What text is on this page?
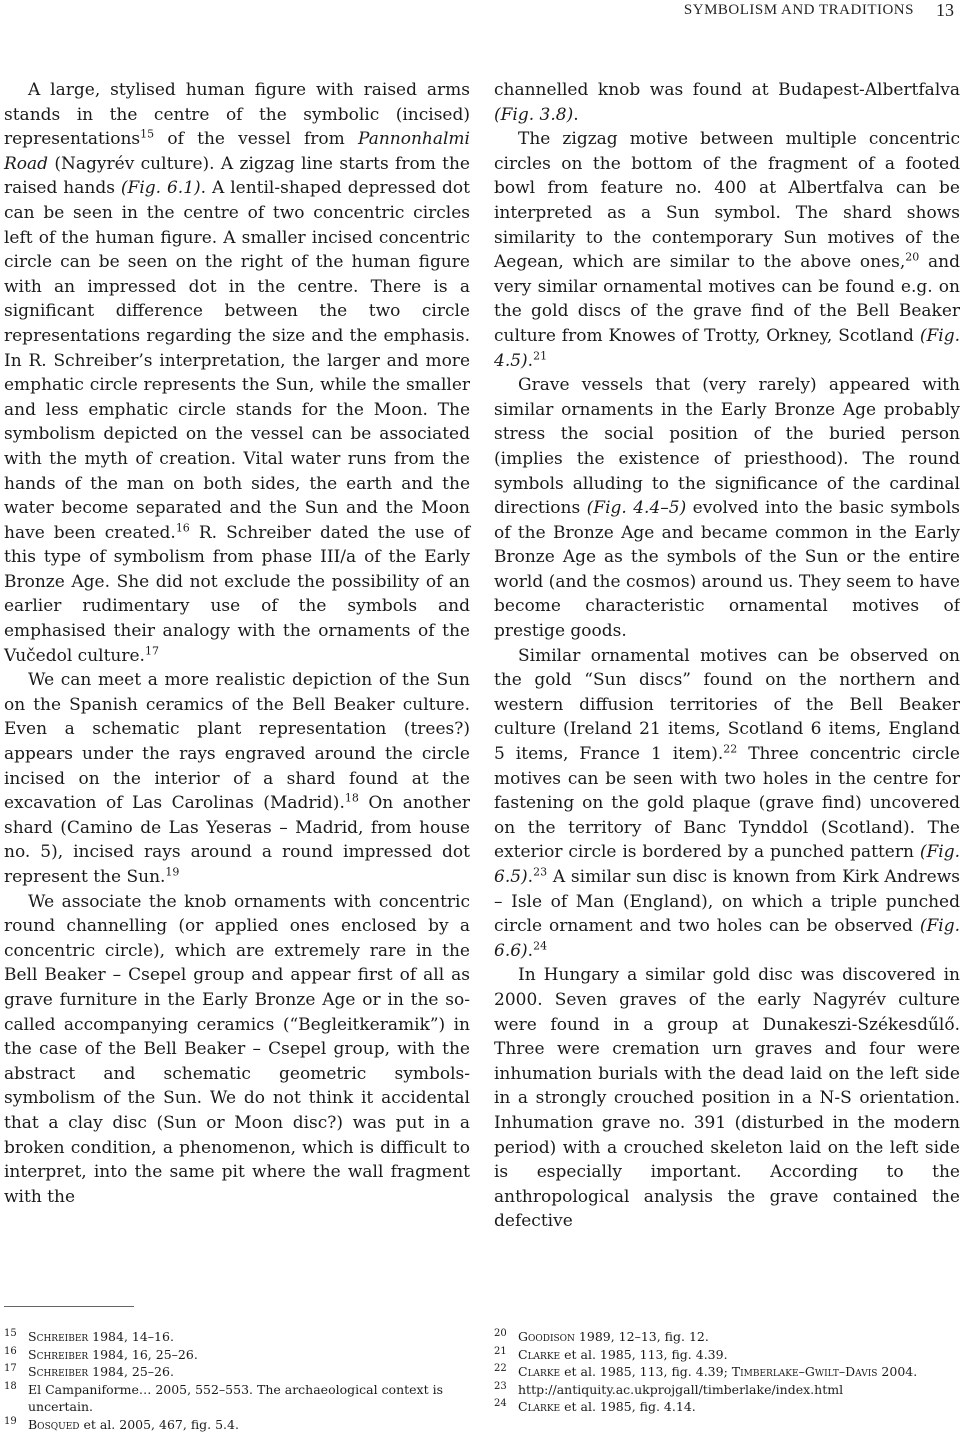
SYMBOLISM AND TRADITIONS 13

A large, stylised human figure with raised arms stands in the centre of the symbolic (incised) representations$^{15}$ of the vessel from Pannonhalmi Road (Nagyrév culture). A zigzag line starts from the raised hands (Fig. 6.1). A lentil-shaped depressed dot can be seen in the centre of two concentric circles left of the human figure. A smaller incised concentric circle can be seen on the right of the human figure with an impressed dot in the centre. There is a significant difference between the two circle representations regarding the size and the emphasis. In R. Schreiber’s interpretation, the larger and more emphatic circle represents the Sun, while the smaller and less emphatic circle stands for the Moon. The symbolism depicted on the vessel can be associated with the myth of creation. Vital water runs from the hands of the man on both sides, the earth and the water become separated and the Sun and the Moon have been created.$^{16}$ R. Schreiber dated the use of this type of symbolism from phase III/a of the Early Bronze Age. She did not exclude the possibility of an earlier rudimentary use of the symbols and emphasised their analogy with the ornaments of the Vučedol culture.$^{17}$

We can meet a more realistic depiction of the Sun on the Spanish ceramics of the Bell Beaker culture. Even a schematic plant representation (trees?) appears under the rays engraved around the circle incised on the interior of a shard found at the excavation of Las Carolinas (Madrid).$^{18}$ On another shard (Camino de Las Yeseras – Madrid, from house no. 5), incised rays around a round impressed dot represent the Sun.$^{19}$

We associate the knob ornaments with concentric round channelling (or applied ones enclosed by a concentric circle), which are extremely rare in the Bell Beaker – Csepel group and appear first of all as grave furniture in the Early Bronze Age or in the so-called accompanying ceramics (“Begleitkeramik”) in the case of the Bell Beaker – Csepel group, with the abstract and schematic geometric symbols-symbolism of the Sun. We do not think it accidental that a clay disc (Sun or Moon disc?) was put in a broken condition, a phenomenon, which is difficult to interpret, into the same pit where the wall fragment with the

channelled knob was found at Budapest-Albertfalva (Fig. 3.8).

The zigzag motive between multiple concentric circles on the bottom of the fragment of a footed bowl from feature no. 400 at Albertfalva can be interpreted as a Sun symbol. The shard shows similarity to the contemporary Sun motives of the Aegean, which are similar to the above ones,$^{20}$ and very similar ornamental motives can be found e.g. on the gold discs of the grave find of the Bell Beaker culture from Knowes of Trotty, Orkney, Scotland (Fig. 4.5).$^{21}$

Grave vessels that (very rarely) appeared with similar ornaments in the Early Bronze Age probably stress the social position of the buried person (implies the existence of priesthood). The round symbols alluding to the significance of the cardinal directions (Fig. 4.4–5) evolved into the basic symbols of the Bronze Age and became common in the Early Bronze Age as the symbols of the Sun or the entire world (and the cosmos) around us. They seem to have become characteristic ornamental motives of prestige goods.

Similar ornamental motives can be observed on the gold “Sun discs” found on the northern and western diffusion territories of the Bell Beaker culture (Ireland 21 items, Scotland 6 items, England 5 items, France 1 item).$^{22}$ Three concentric circle motives can be seen with two holes in the centre for fastening on the gold plaque (grave find) uncovered on the territory of Banc Tynddol (Scotland). The exterior circle is bordered by a punched pattern (Fig. 6.5).$^{23}$ A similar sun disc is known from Kirk Andrews – Isle of Man (England), on which a triple punched circle ornament and two holes can be observed (Fig. 6.6).$^{24}$

In Hungary a similar gold disc was discovered in 2000. Seven graves of the early Nagyrév culture were found in a group at Dunakeszi-Székesdűlő. Three were cremation urn graves and four were inhumation burials with the dead laid on the left side in a strongly crouched position in a N-S orientation. Inhumation grave no. 391 (disturbed in the modern period) with a crouched skeleton laid on the left side is especially important. According to the anthropological analysis the grave contained the defective

15 Schreiber 1984, 14–16.
16 Schreiber 1984, 16, 25–26.
17 Schreiber 1984, 25–26.
18 El Campaniforme… 2005, 552–553. The archaeological context is uncertain.
19 Bosqued et al. 2005, 467, fig. 5.4.
20 Goodison 1989, 12–13, fig. 12.
21 Clarke et al. 1985, 113, fig. 4.39.
22 Clarke et al. 1985, 113, fig. 4.39; Timberlake–Gwilt–Davis 2004.
23 http://antiquity.ac.ukprojgall/timberlake/index.html
24 Clarke et al. 1985, fig. 4.14.
